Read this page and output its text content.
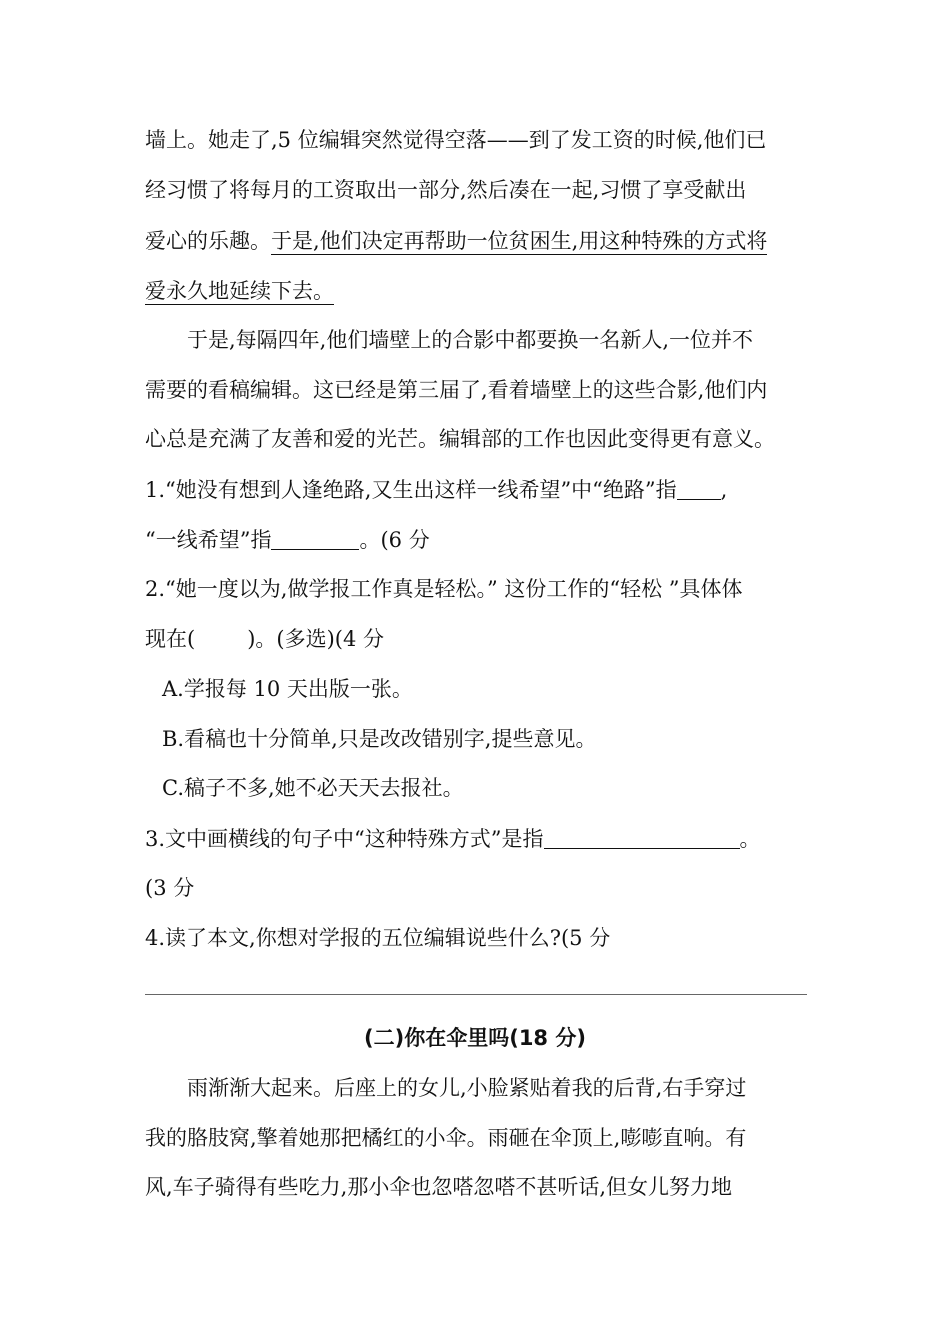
墙上。她走了,5 位编辑突然觉得空落——到了发工资的时候,他们已
经习惯了将每月的工资取出一部分,然后凑在一起,习惯了享受献出
爱心的乐趣。于是,他们决定再帮助一位贫困生,用这种特殊的方式将
爱永久地延续下去。
于是,每隔四年,他们墙壁上的合影中都要换一名新人,一位并不
需要的看稿编辑。这已经是第三届了,看着墙壁上的这些合影,他们内
心总是充满了友善和爱的光芒。编辑部的工作也因此变得更有意义。
1.“她没有想到人逢绝路,又生出这样一线希望”中“绝路”指 ,
“一线希望”指	。(6 分
2.“她一度以为,做学报工作真是轻松。” 这份工作的“轻松 ”具体体
现在( )。(多选)(4 分
A.学报每 10 天出版一张。
B.看稿也十分简单,只是改改错别字,提些意见。
C.稿子不多,她不必天天去报社。
3.文中画横线的句子中“这种特殊方式”是指	。
(3 分
4.读了本文,你想对学报的五位编辑说些什么?(5 分
(二)你在伞里吗(18 分)
雨渐渐大起来。后座上的女儿,小脸紧贴着我的后背,右手穿过
我的胳肢窝,擎着她那把橘红的小伞。雨砸在伞顶上,嘭嘭直响。有
风,车子骑得有些吃力,那小伞也忽嗒忽嗒不甚听话,但女儿努力地
